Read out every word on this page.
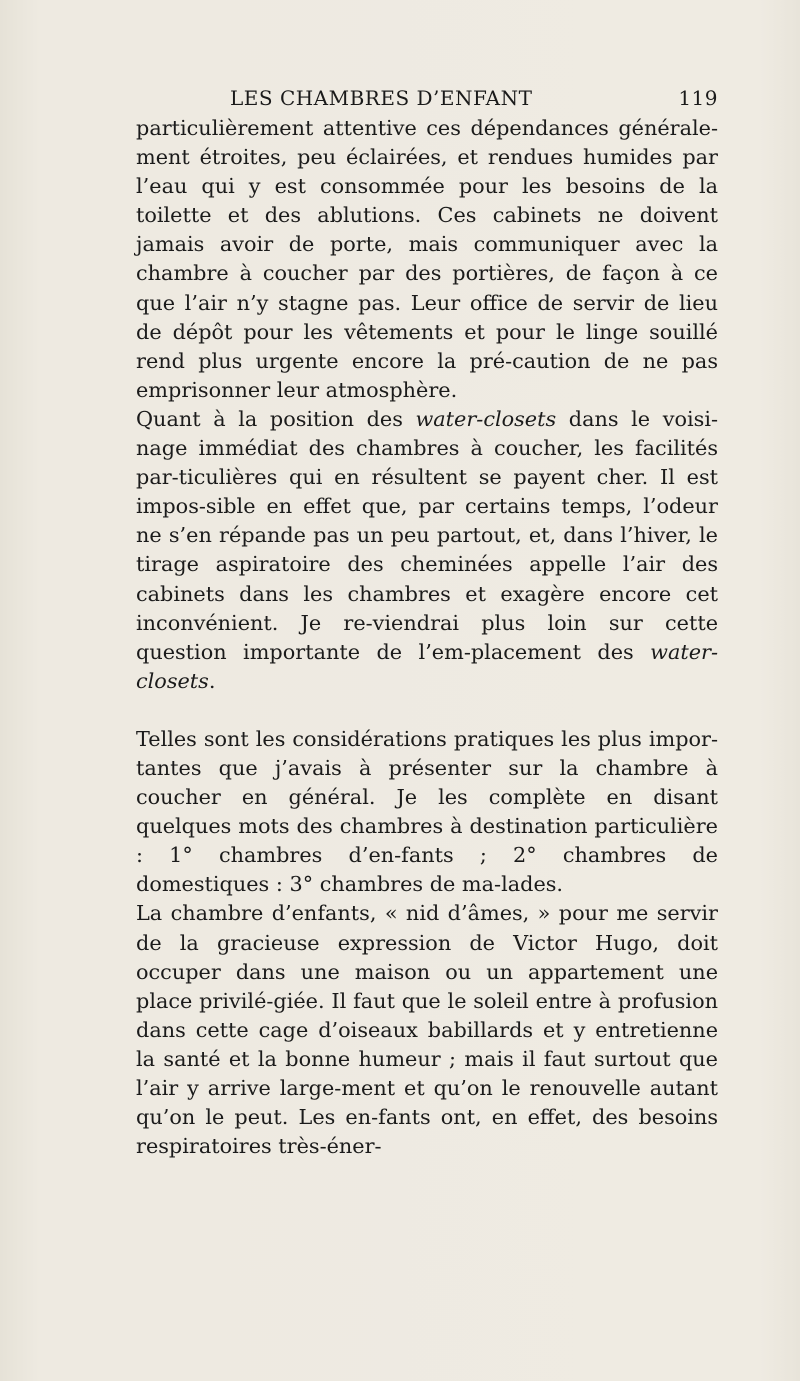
LES CHAMBRES D’ENFANT	119

particulièrement attentive ces dépendances générale-ment étroites, peu éclairées, et rendues humides par l’eau qui y est consommée pour les besoins de la toilette et des ablutions. Ces cabinets ne doivent jamais avoir de porte, mais communiquer avec la chambre à coucher par des portières, de façon à ce que l’air n’y stagne pas. Leur office de servir de lieu de dépôt pour les vêtements et pour le linge souillé rend plus urgente encore la pré-caution de ne pas emprisonner leur atmosphère.

Quant à la position des water-closets dans le voisi-nage immédiat des chambres à coucher, les facilités par-ticulières qui en résultent se payent cher. Il est impos-sible en effet que, par certains temps, l’odeur ne s’en répande pas un peu partout, et, dans l’hiver, le tirage aspiratoire des cheminées appelle l’air des cabinets dans les chambres et exagère encore cet inconvénient. Je re-viendrai plus loin sur cette question importante de l’em-placement des water-closets.

Telles sont les considérations pratiques les plus impor-tantes que j’avais à présenter sur la chambre à coucher en général. Je les complète en disant quelques mots des chambres à destination particulière : 1° chambres d’en-fants ; 2° chambres de domestiques : 3° chambres de ma-lades.

La chambre d’enfants, « nid d’âmes, » pour me servir de la gracieuse expression de Victor Hugo, doit occuper dans une maison ou un appartement une place privilé-giée. Il faut que le soleil entre à profusion dans cette cage d’oiseaux babillards et y entretienne la santé et la bonne humeur ; mais il faut surtout que l’air y arrive large-ment et qu’on le renouvelle autant qu’on le peut. Les en-fants ont, en effet, des besoins respiratoires très-éner-
